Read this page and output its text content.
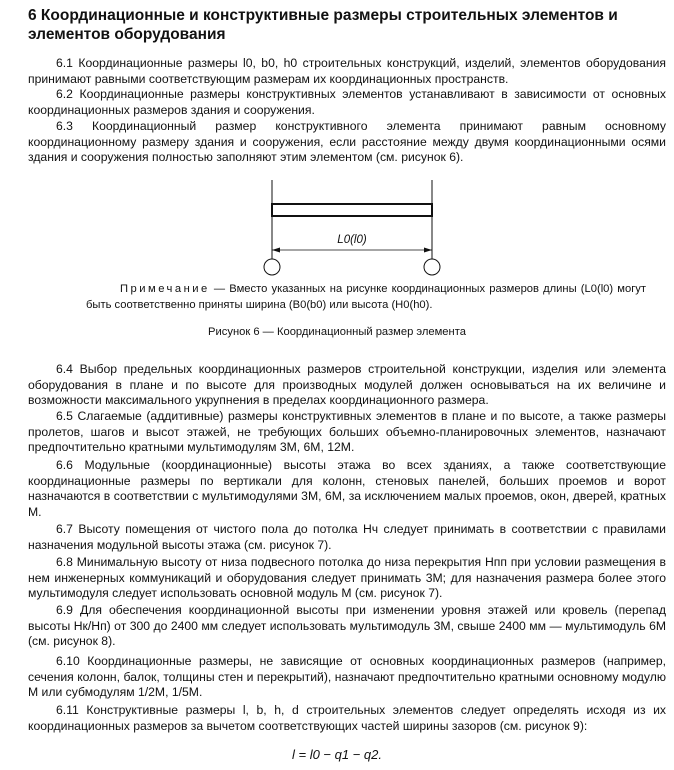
6 Координационные и конструктивные размеры строительных элементов и элементов оборудования

6.1 Координационные размеры l0, b0, h0 строительных конструкций, изделий, элементов оборудования принимают равными соответствующим размерам их координационных пространств.

6.2 Координационные размеры конструктивных элементов устанавливают в зависимости от основных координационных размеров здания и сооружения.

6.3 Координационный размер конструктивного элемента принимают равным основному координационному размеру здания и сооружения, если расстояние между двумя координационными осями здания и сооружения полностью заполняют этим элементом (см. рисунок 6).

L0(l0)

Примечание — Вместо указанных на рисунке координационных размеров длины (L0(l0) могут быть соответственно приняты ширина (B0(b0) или высота (H0(h0).

Рисунок 6 — Координационный размер элемента

6.4 Выбор предельных координационных размеров строительной конструкции, изделия или элемента оборудования в плане и по высоте для производных модулей должен основываться на их величине и возможности максимального укрупнения в пределах координационного размера.

6.5 Слагаемые (аддитивные) размеры конструктивных элементов в плане и по высоте, а также размеры пролетов, шагов и высот этажей, не требующих больших объемно-планировочных элементов, назначают предпочтительно кратными мультимодулям 3М, 6М, 12М.

6.6 Модульные (координационные) высоты этажа во всех зданиях, а также соответствующие координационные размеры по вертикали для колонн, стеновых панелей, больших проемов и ворот назначаются в соответствии с мультимодулями 3М, 6М, за исключением малых проемов, окон, дверей, кратных М.

6.7 Высоту помещения от чистого пола до потолка Hч следует принимать в соответствии с правилами назначения модульной высоты этажа (см. рисунок 7).

6.8 Минимальную высоту от низа подвесного потолка до низа перекрытия Hпп при условии размещения в нем инженерных коммуникаций и оборудования следует принимать 3М; для назначения размера более этого мультимодуля следует использовать основной модуль М (см. рисунок 7).

6.9 Для обеспечения координационной высоты при изменении уровня этажей или кровель (перепад высоты Hк/Hп) от 300 до 2400 мм следует использовать мультимодуль 3М, свыше 2400 мм — мультимодуль 6М (см. рисунок 8).

6.10 Координационные размеры, не зависящие от основных координационных размеров (например, сечения колонн, балок, толщины стен и перекрытий), назначают предпочтительно кратными основному модулю М или субмодулям 1/2М, 1/5М.

6.11 Конструктивные размеры l, b, h, d строительных элементов следует определять исходя из их координационных размеров за вычетом соответствующих частей ширины зазоров (см. рисунок 9):

l = l0 − q1 − q2.
